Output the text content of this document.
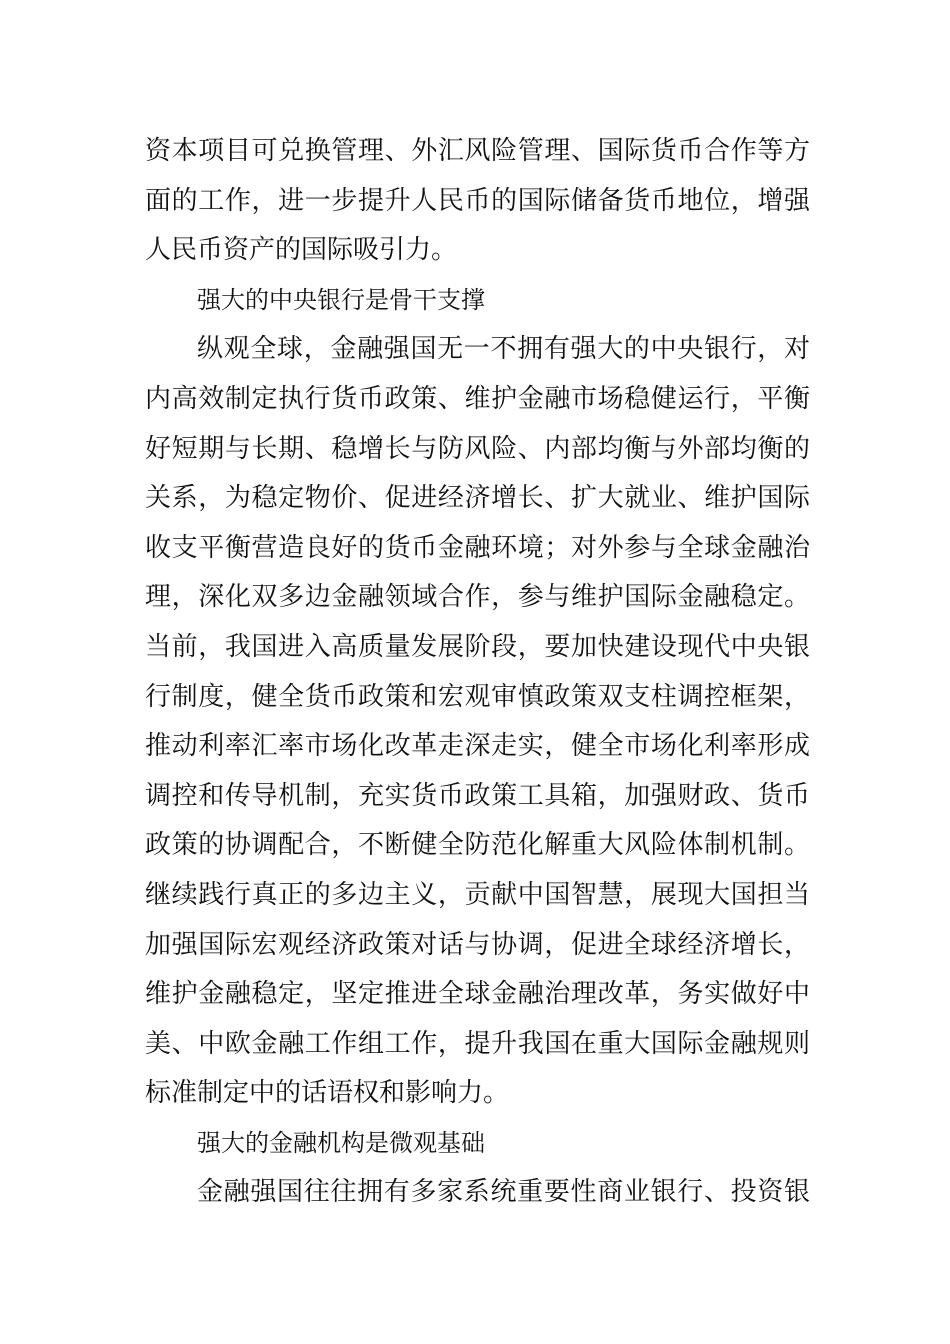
资本项目可兑换管理、外汇风险管理、国际货币合作等方
面的工作，进一步提升人民币的国际储备货币地位，增强
人民币资产的国际吸引力。
强大的中央银行是骨干支撑
纵观全球，金融强国无一不拥有强大的中央银行，对
内高效制定执行货币政策、维护金融市场稳健运行，平衡
好短期与长期、稳增长与防风险、内部均衡与外部均衡的
关系，为稳定物价、促进经济增长、扩大就业、维护国际
收支平衡营造良好的货币金融环境；对外参与全球金融治
理，深化双多边金融领域合作，参与维护国际金融稳定。
当前，我国进入高质量发展阶段，要加快建设现代中央银
行制度，健全货币政策和宏观审慎政策双支柱调控框架，
推动利率汇率市场化改革走深走实，健全市场化利率形成
调控和传导机制，充实货币政策工具箱，加强财政、货币
政策的协调配合，不断健全防范化解重大风险体制机制。
继续践行真正的多边主义，贡献中国智慧，展现大国担当
加强国际宏观经济政策对话与协调，促进全球经济增长，
维护金融稳定，坚定推进全球金融治理改革，务实做好中
美、中欧金融工作组工作，提升我国在重大国际金融规则
标准制定中的话语权和影响力。
强大的金融机构是微观基础
金融强国往往拥有多家系统重要性商业银行、投资银
